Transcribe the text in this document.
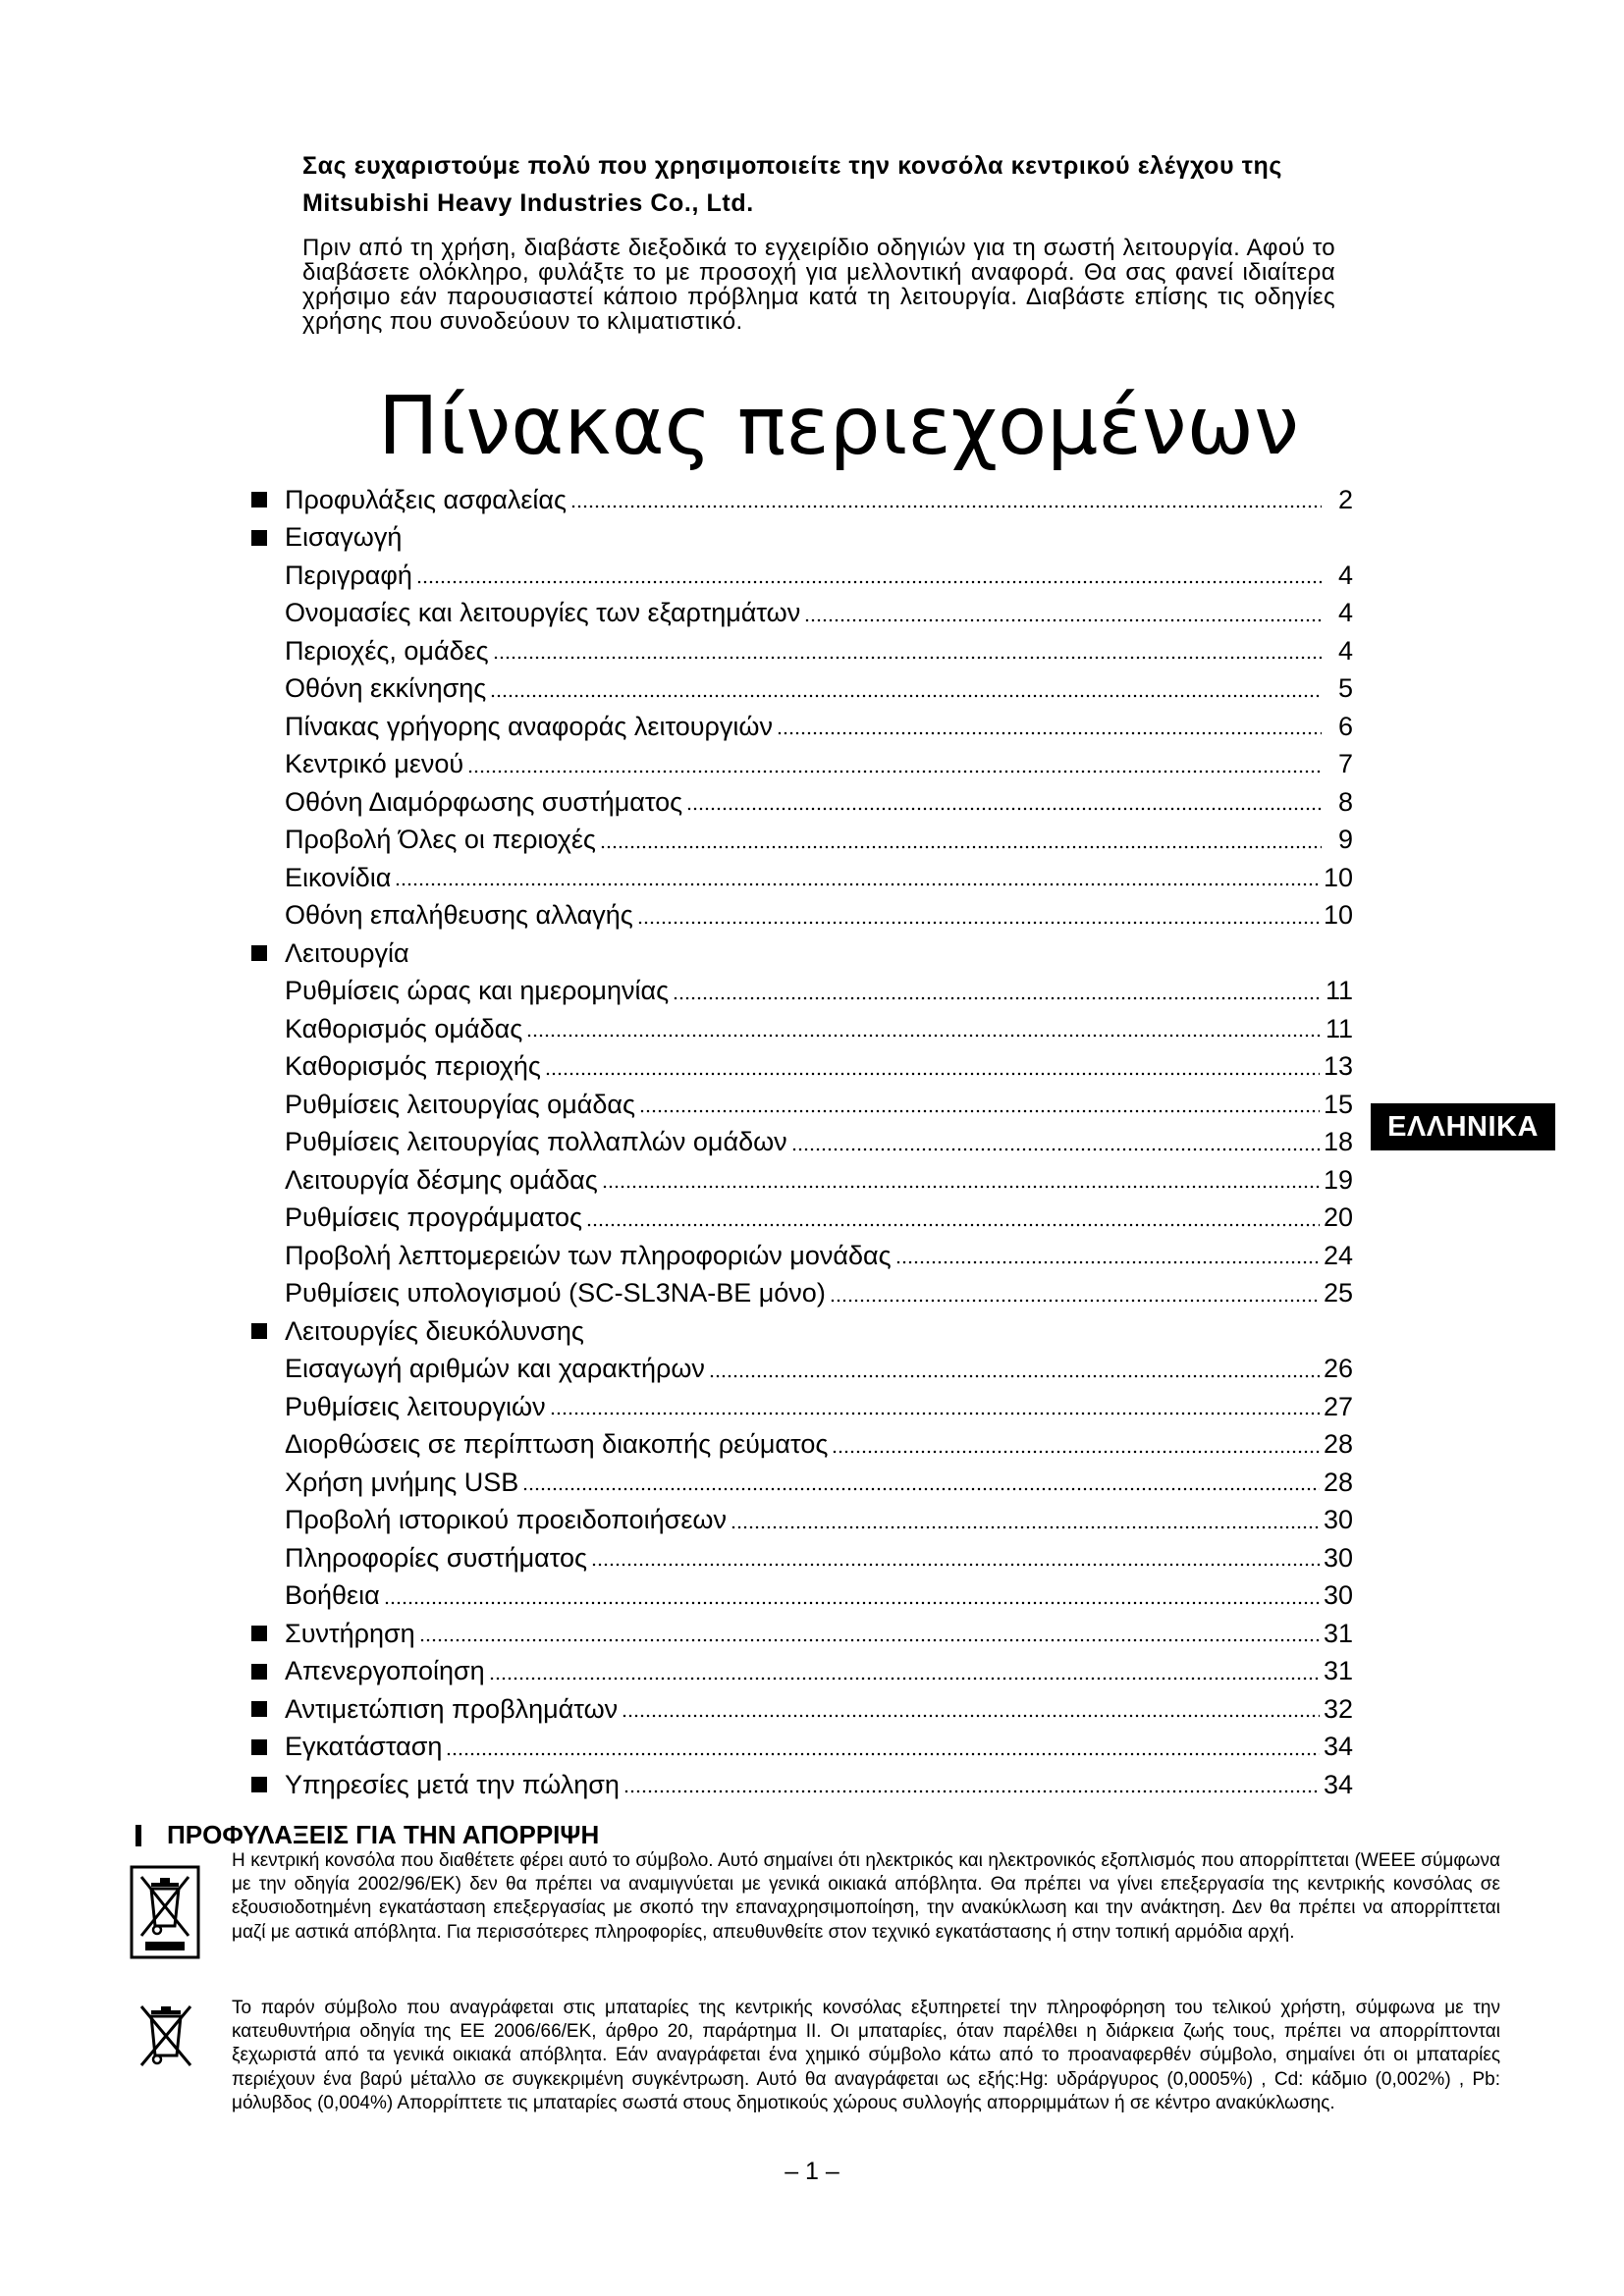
Σας ευχαριστούμε πολύ που χρησιμοποιείτε την κονσόλα κεντρικού ελέγχου της Mitsubishi Heavy Industries Co., Ltd.
Πριν από τη χρήση, διαβάστε διεξοδικά το εγχειρίδιο οδηγιών για τη σωστή λειτουργία. Αφού το διαβάσετε ολόκληρο, φυλάξτε το με προσοχή για μελλοντική αναφορά. Θα σας φανεί ιδιαίτερα χρήσιμο εάν παρουσιαστεί κάποιο πρόβλημα κατά τη λειτουργία. Διαβάστε επίσης τις οδηγίες χρήσης που συνοδεύουν το κλιματιστικό.
Πίνακας περιεχομένων
Προφυλάξεις ασφαλείας	2
Εισαγωγή
Περιγραφή	4
Ονομασίες και λειτουργίες των εξαρτημάτων	4
Περιοχές, ομάδες	4
Οθόνη εκκίνησης	5
Πίνακας γρήγορης αναφοράς λειτουργιών	6
Κεντρικό μενού	7
Οθόνη Διαμόρφωσης συστήματος	8
Προβολή Όλες οι περιοχές	9
Εικονίδια	10
Οθόνη επαλήθευσης αλλαγής	10
Λειτουργία
Ρυθμίσεις ώρας και ημερομηνίας	11
Καθορισμός ομάδας	11
Καθορισμός περιοχής	13
Ρυθμίσεις λειτουργίας ομάδας	15
Ρυθμίσεις λειτουργίας πολλαπλών ομάδων	18
Λειτουργία δέσμης ομάδας	19
Ρυθμίσεις προγράμματος	20
Προβολή λεπτομερειών των πληροφοριών μονάδας	24
Ρυθμίσεις υπολογισμού (SC-SL3NA-BE μόνο)	25
Λειτουργίες διευκόλυνσης
Εισαγωγή αριθμών και χαρακτήρων	26
Ρυθμίσεις λειτουργιών	27
Διορθώσεις σε περίπτωση διακοπής ρεύματος	28
Χρήση μνήμης USB	28
Προβολή ιστορικού προειδοποιήσεων	30
Πληροφορίες συστήματος	30
Βοήθεια	30
Συντήρηση	31
Απενεργοποίηση	31
Αντιμετώπιση προβλημάτων	32
Εγκατάσταση	34
Υπηρεσίες μετά την πώληση	34
ΕΛΛΗΝΙΚΑ
ΠΡΟΦΥΛΑΞΕΙΣ ΓΙΑ ΤΗΝ ΑΠΟΡΡΙΨΗ
Η κεντρική κονσόλα που διαθέτετε φέρει αυτό το σύμβολο. Αυτό σημαίνει ότι ηλεκτρικός και ηλεκτρονικός εξοπλισμός που απορρίπτεται (WEEE σύμφωνα με την οδηγία 2002/96/ΕΚ) δεν θα πρέπει να αναμιγνύεται με γενικά οικιακά απόβλητα. Θα πρέπει να γίνει επεξεργασία της κεντρικής κονσόλας σε εξουσιοδοτημένη εγκατάσταση επεξεργασίας με σκοπό την επαναχρησιμοποίηση, την ανακύκλωση και την ανάκτηση. Δεν θα πρέπει να απορρίπτεται μαζί με αστικά απόβλητα. Για περισσότερες πληροφορίες, απευθυνθείτε στον τεχνικό εγκατάστασης ή στην τοπική αρμόδια αρχή.
Το παρόν σύμβολο που αναγράφεται στις μπαταρίες της κεντρικής κονσόλας εξυπηρετεί την πληροφόρηση του τελικού χρήστη, σύμφωνα με την κατευθυντήρια οδηγία της ΕΕ 2006/66/ΕΚ, άρθρο 20, παράρτημα II. Οι μπαταρίες, όταν παρέλθει η διάρκεια ζωής τους, πρέπει να απορρίπτονται ξεχωριστά από τα γενικά οικιακά απόβλητα. Εάν αναγράφεται ένα χημικό σύμβολο κάτω από το προαναφερθέν σύμβολο, σημαίνει ότι οι μπαταρίες περιέχουν ένα βαρύ μέταλλο σε συγκεκριμένη συγκέντρωση. Αυτό θα αναγράφεται ως εξής:Hg: υδράργυρος (0,0005%) , Cd: κάδμιο (0,002%) , Pb: μόλυβδος (0,004%) Απορρίπτετε τις μπαταρίες σωστά στους δημοτικούς χώρους συλλογής απορριμμάτων ή σε κέντρο ανακύκλωσης.
– 1 –
